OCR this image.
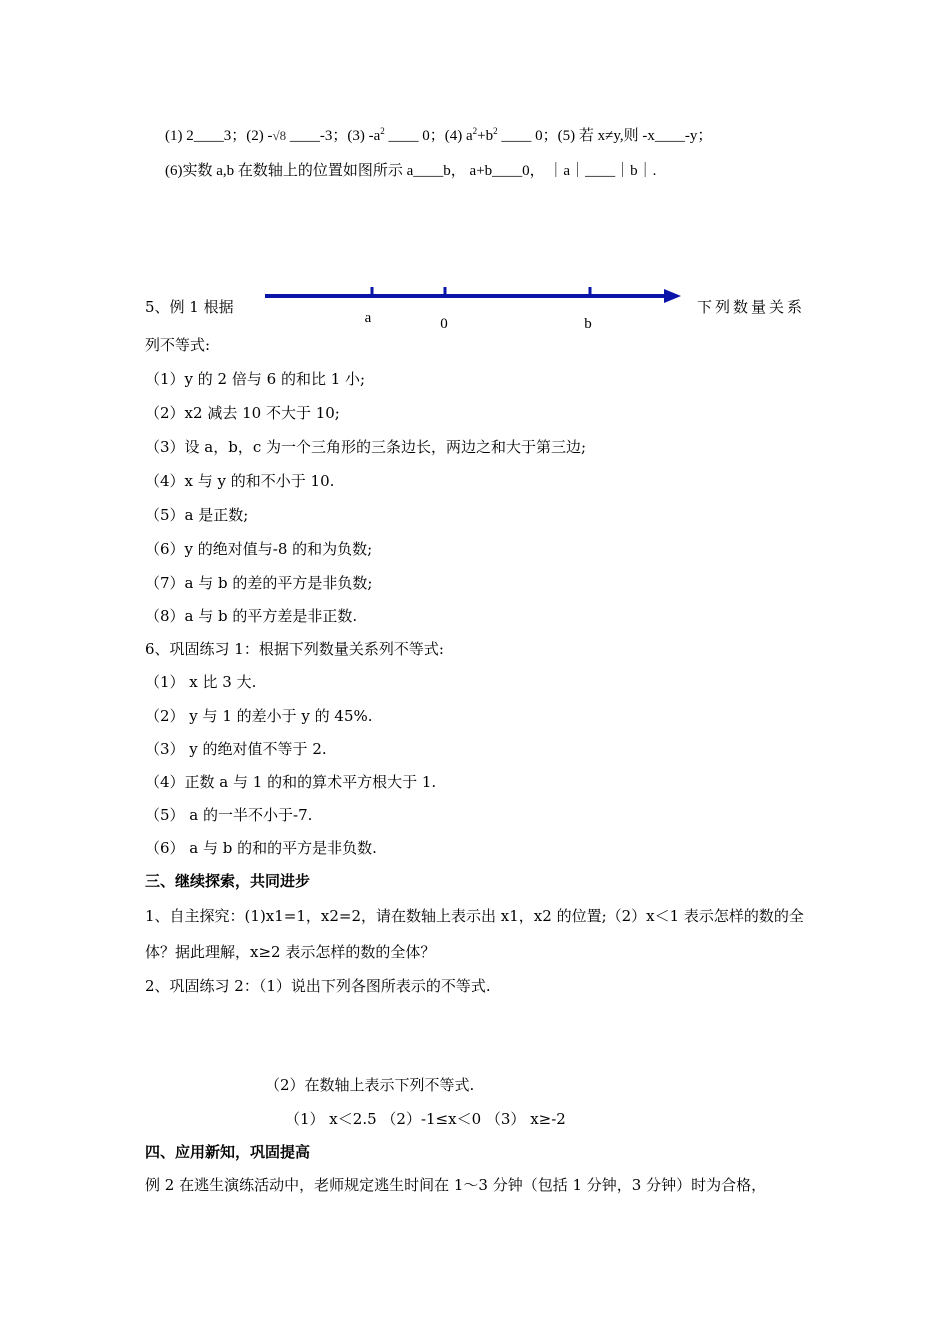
(1) 2____3；(2) -√8 ____-3；(3) $-a^2$ ____ 0；(4) $a^2+b^2$ ____ 0；(5) 若 x≠y,则 -x____-y；
(6)实数 a,b 在数轴上的位置如图所示 a____b， a+b____0， ｜a｜____｜b｜.
a	0	b
5、例 1 根据	下列数量关系
列不等式:
（1）y 的 2 倍与 6 的和比 1 小;
（2）x2 减去 10 不大于 10;
（3）设 a，b，c 为一个三角形的三条边长，两边之和大于第三边;
（4）x 与 y 的和不小于 10.
（5）a 是正数;
（6）y 的绝对值与-8 的和为负数;
（7）a 与 b 的差的平方是非负数;
（8）a 与 b 的平方差是非正数.
6、巩固练习 1：根据下列数量关系列不等式:
（1） x 比 3 大.
（2） y 与 1 的差小于 y 的 45%.
（3） y 的绝对值不等于 2.
（4）正数 a 与 1 的和的算术平方根大于 1.
（5） a 的一半不小于-7.
（6） a 与 b 的和的平方是非负数.
三、继续探索，共同进步
1、自主探究：(1)x1=1，x2=2，请在数轴上表示出 x1，x2 的位置;（2）x＜1 表示怎样的数的全
体？据此理解，x≥2 表示怎样的数的全体？
2、巩固练习 2：（1）说出下列各图所表示的不等式.
（2）在数轴上表示下列不等式.
（1） x＜2.5 （2）-1≤x＜0 （3） x≥-2
四、应用新知，巩固提高
例 2 在逃生演练活动中，老师规定逃生时间在 1～3 分钟（包括 1 分钟，3 分钟）时为合格，
